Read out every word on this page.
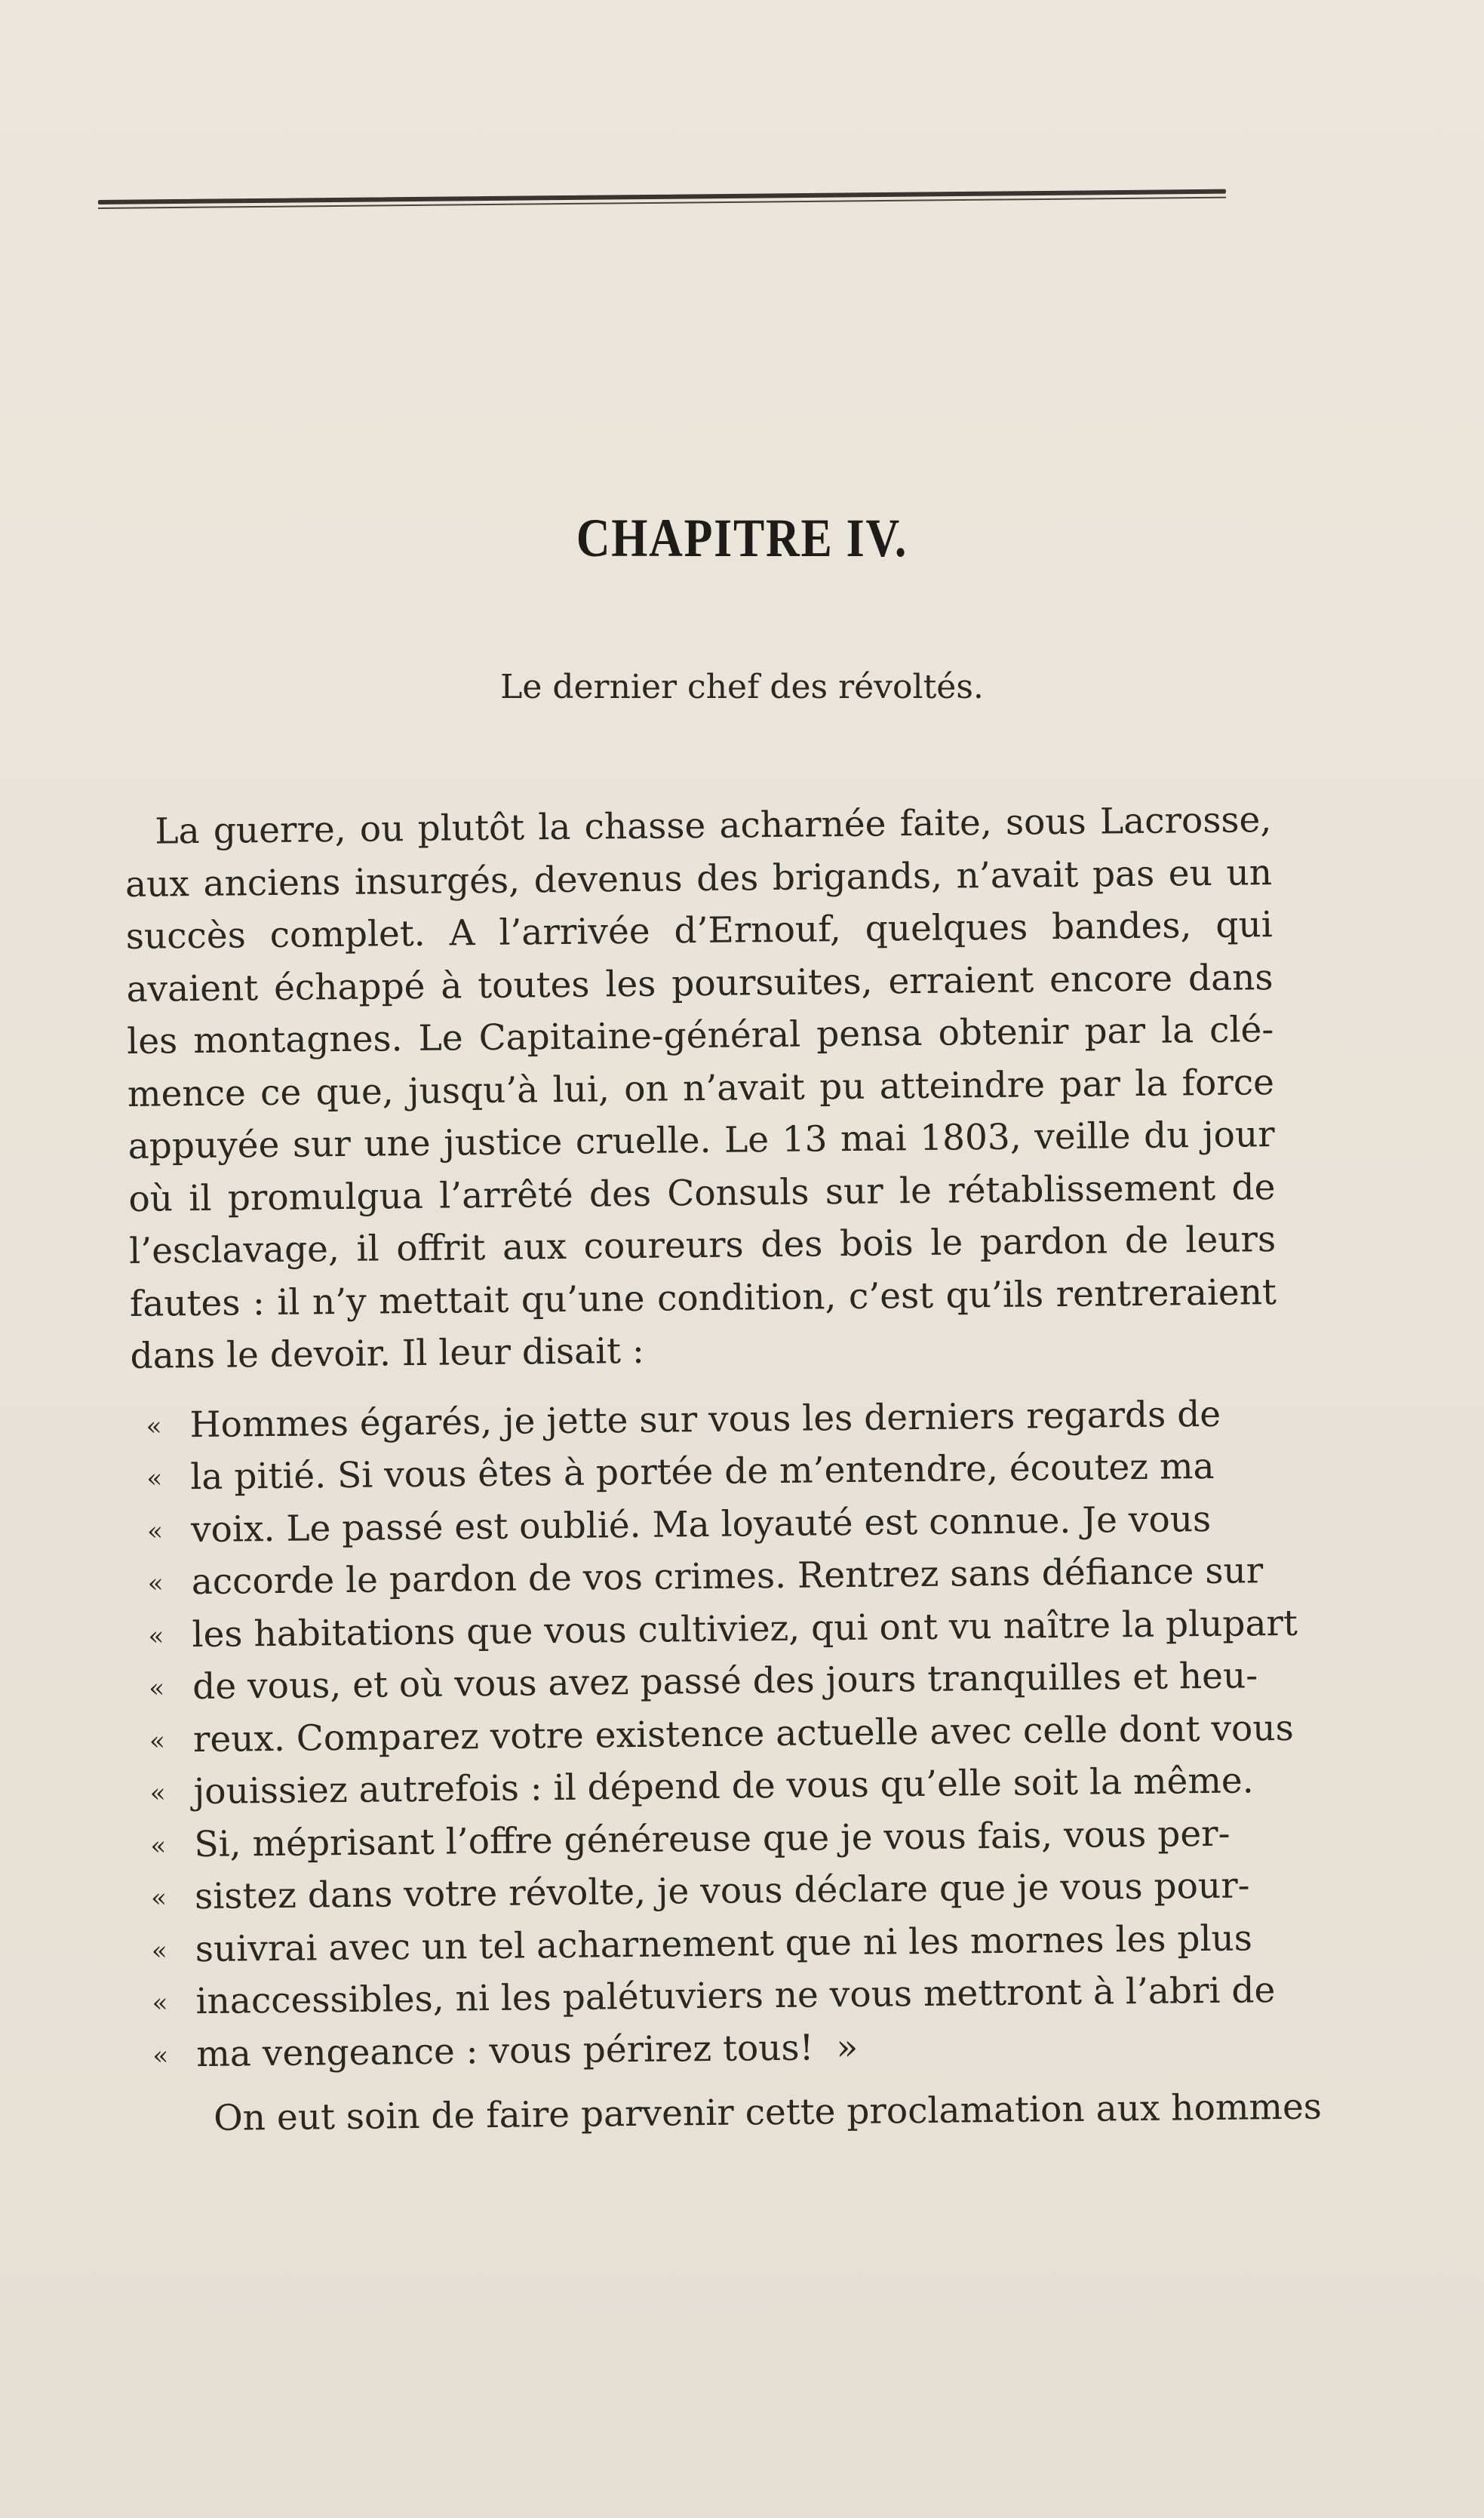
CHAPITRE IV.
Le dernier chef des révoltés.
La guerre, ou plutôt la chasse acharnée faite, sous Lacrosse,
aux anciens insurgés, devenus des brigands, n’avait pas eu un
succès complet. A l’arrivée d’Ernouf, quelques bandes, qui
avaient échappé à toutes les poursuites, erraient encore dans
les montagnes. Le Capitaine-général pensa obtenir par la clé-
mence ce que, jusqu’à lui, on n’avait pu atteindre par la force
appuyée sur une justice cruelle. Le 13 mai 1803, veille du jour
où il promulgua l’arrêté des Consuls sur le rétablissement de
l’esclavage, il offrit aux coureurs des bois le pardon de leurs
fautes : il n’y mettait qu’une condition, c’est qu’ils rentreraient
dans le devoir. Il leur disait :
« Hommes égarés, je jette sur vous les derniers regards de
« la pitié. Si vous êtes à portée de m’entendre, écoutez ma
« voix. Le passé est oublié. Ma loyauté est connue. Je vous
« accorde le pardon de vos crimes. Rentrez sans défiance sur
« les habitations que vous cultiviez, qui ont vu naître la plupart
« de vous, et où vous avez passé des jours tranquilles et heu-
« reux. Comparez votre existence actuelle avec celle dont vous
« jouissiez autrefois : il dépend de vous qu’elle soit la même.
« Si, méprisant l’offre généreuse que je vous fais, vous per-
« sistez dans votre révolte, je vous déclare que je vous pour-
« suivrai avec un tel acharnement que ni les mornes les plus
« inaccessibles, ni les palétuviers ne vous mettront à l’abri de
« ma vengeance : vous périrez tous! »
On eut soin de faire parvenir cette proclamation aux hommes
